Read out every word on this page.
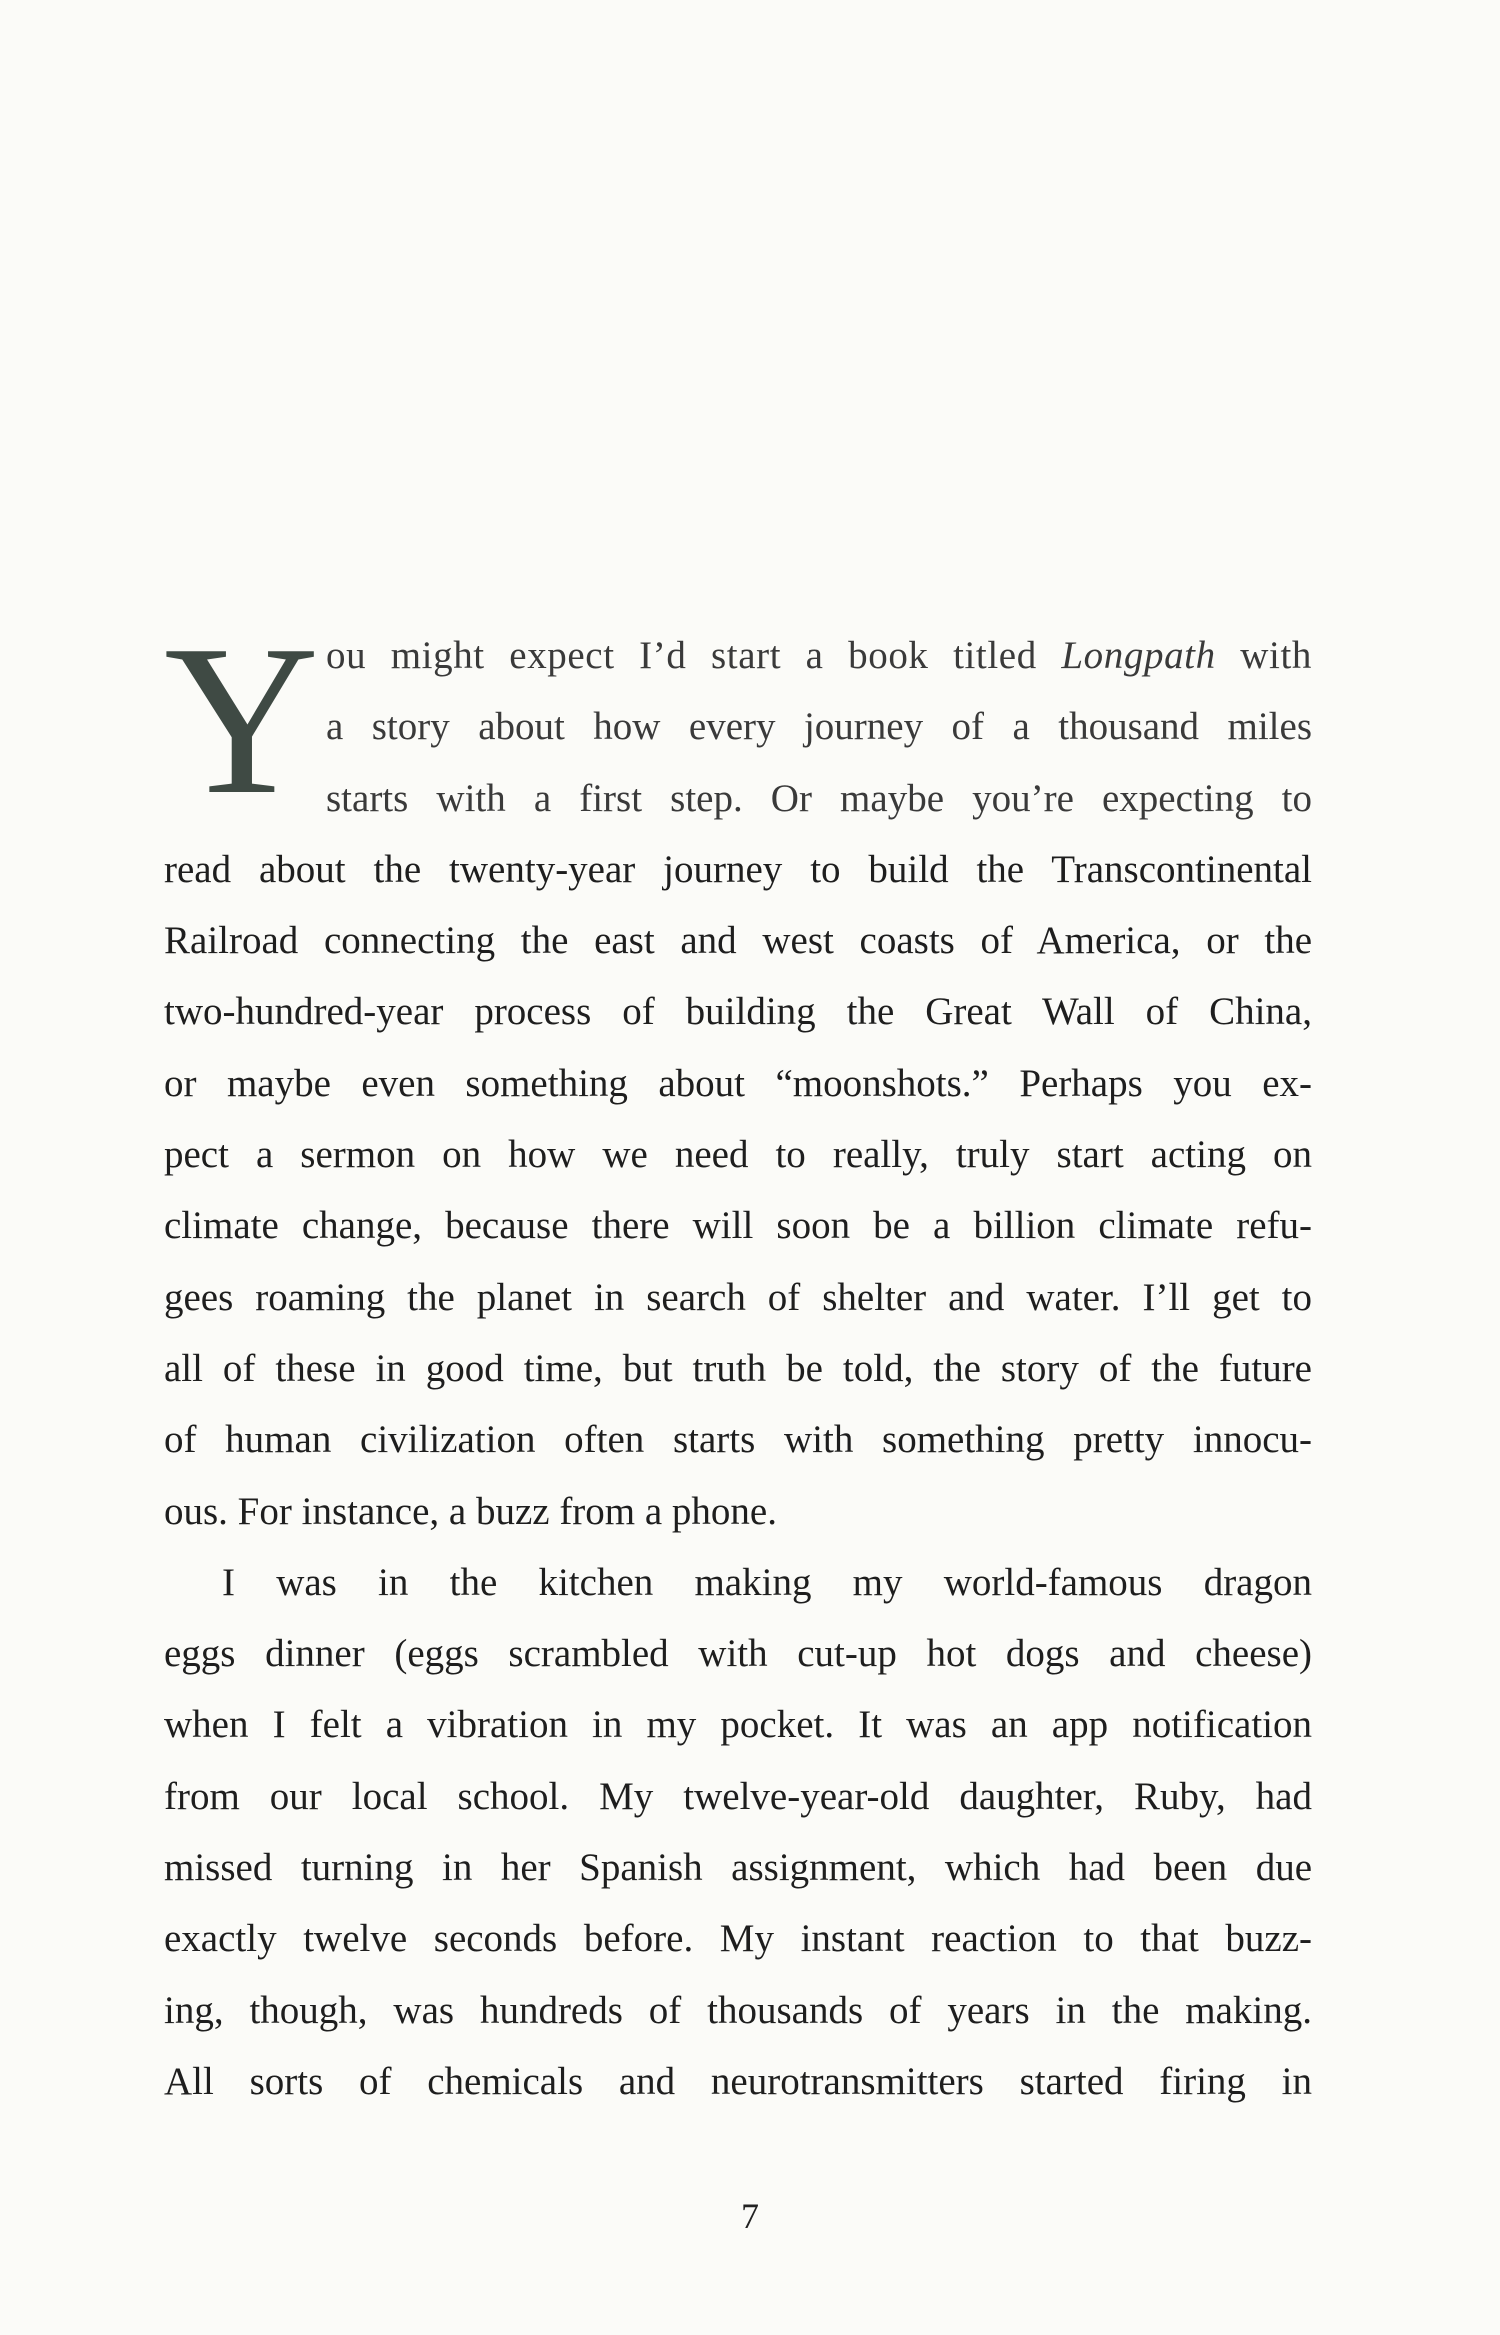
Y ou might expect I’d start a book titled Longpath with
a story about how every journey of a thousand miles
starts with a first step. Or maybe you’re expecting to
read about the twenty-year journey to build the Transcontinental
Railroad connecting the east and west coasts of America, or the
two-hundred-year process of building the Great Wall of China,
or maybe even something about “moonshots.” Perhaps you ex-
pect a sermon on how we need to really, truly start acting on
climate change, because there will soon be a billion climate refu-
gees roaming the planet in search of shelter and water. I’ll get to
all of these in good time, but truth be told, the story of the future
of human civilization often starts with something pretty innocu-
ous. For instance, a buzz from a phone.
I was in the kitchen making my world-famous dragon
eggs dinner (eggs scrambled with cut-up hot dogs and cheese)
when I felt a vibration in my pocket. It was an app notification
from our local school. My twelve-year-old daughter, Ruby, had
missed turning in her Spanish assignment, which had been due
exactly twelve seconds before. My instant reaction to that buzz-
ing, though, was hundreds of thousands of years in the making.
All sorts of chemicals and neurotransmitters started firing in
7
